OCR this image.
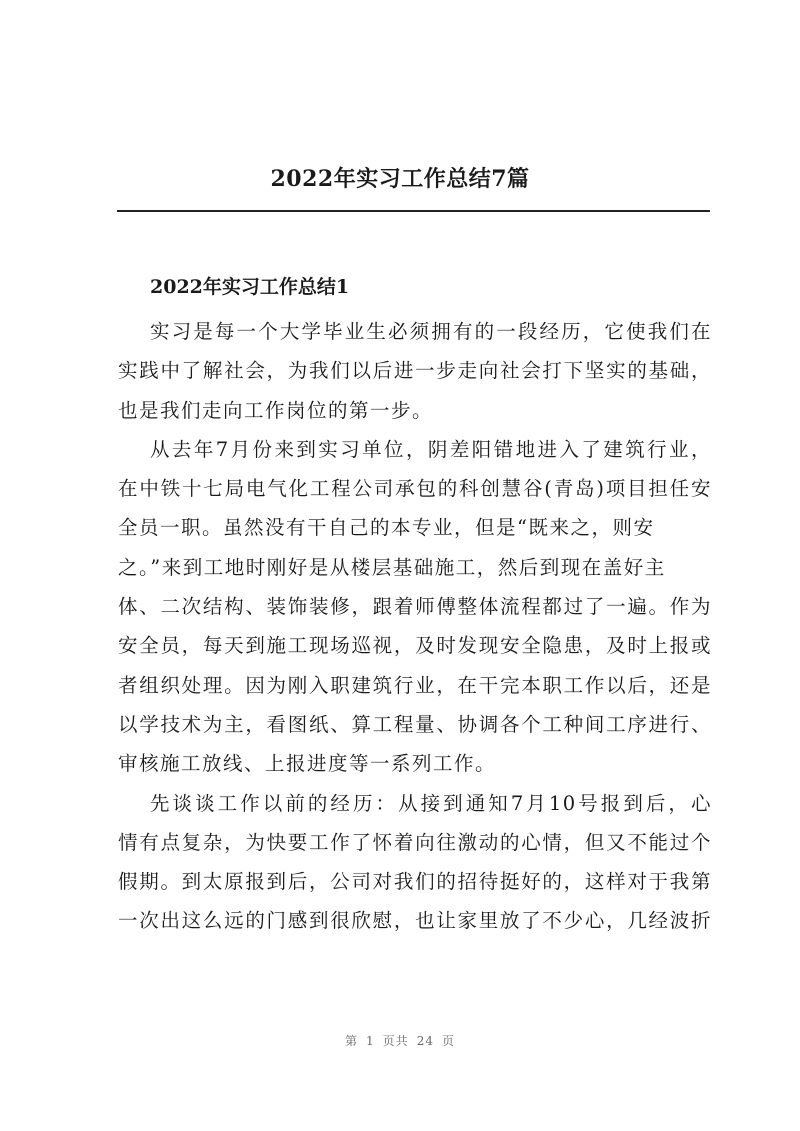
2022年实习工作总结7篇
2022年实习工作总结1

实习是每一个大学毕业生必须拥有的一段经历，它使我们在
实践中了解社会，为我们以后进一步走向社会打下坚实的基础，
也是我们走向工作岗位的第一步。

从去年7月份来到实习单位，阴差阳错地进入了建筑行业，
在中铁十七局电气化工程公司承包的科创慧谷(青岛)项目担任安
全员一职。虽然没有干自己的本专业，但是“既来之，则安
之。”来到工地时刚好是从楼层基础施工，然后到现在盖好主
体、二次结构、装饰装修，跟着师傅整体流程都过了一遍。作为
安全员，每天到施工现场巡视，及时发现安全隐患，及时上报或
者组织处理。因为刚入职建筑行业，在干完本职工作以后，还是
以学技术为主，看图纸、算工程量、协调各个工种间工序进行、
审核施工放线、上报进度等一系列工作。

先谈谈工作以前的经历：从接到通知7月10号报到后，心
情有点复杂，为快要工作了怀着向往激动的心情，但又不能过个
假期。到太原报到后，公司对我们的招待挺好的，这样对于我第
一次出这么远的门感到很欣慰，也让家里放了不少心，几经波折

第 1 页共 24 页
